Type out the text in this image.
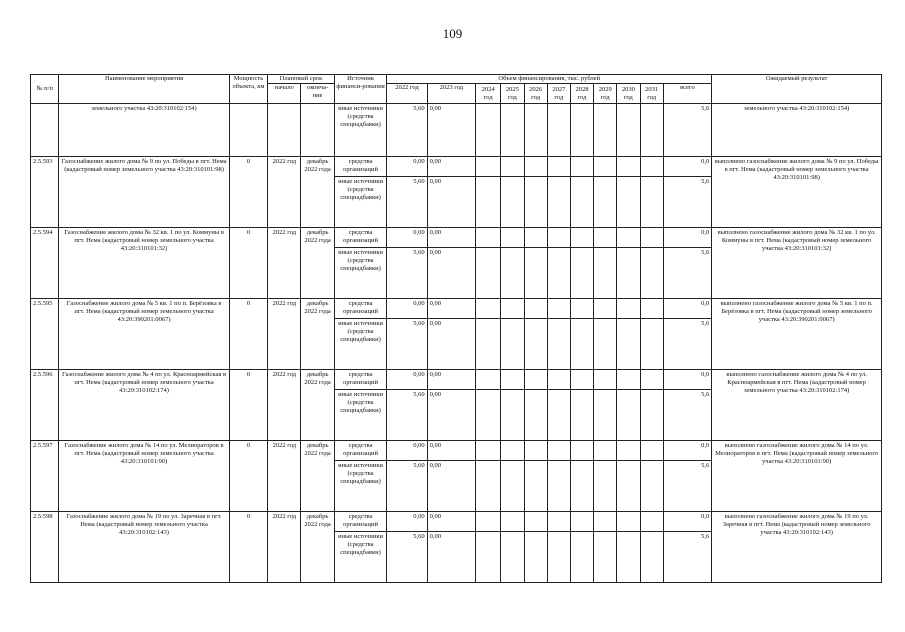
109
№ п/п	Наименование мероприятия	Мощность объекта, км	Плановый срок		Источник финанси-рования	Объем финансирования, тыс. рублей											Ожидаемый результат
			начало	оконча-ние		2022 год	2023 год	2024 год	2025 год	2026 год	2027 год	2028 год	2029 год	2030 год	2031 год	всего	
	земельного участка 43:20:310102:154)				иные источники (средства спецнадбавки)	5,60	0,00									5,6	земельного участка 43:20:310102:154)
2.5.593	Газоснабжение жилого дома № 9 по ул. Победы в пгт. Нема (кадастровый номер земельного участка 43:20:310101:98)	0	2022 год	декабрь 2022 года	средства организаций	0,00	0,00									0,0	выполнено газоснабжение жилого дома № 9 по ул. Победы в пгт. Нема (кадастровый номер земельного участка 43:20:310101:98)
					иные источники (средства спецнадбавки)	5,60	0,00									5,6	
2.5.594	Газоснабжение жилого дома № 32 кв. 1 по ул. Коммуны в пгт. Нема (кадастровый номер земельного участка 43:20:310101:32)	0	2022 год	декабрь 2022 года	средства организаций	0,00	0,00									0,0	выполнено газоснабжение жилого дома № 32 кв. 1 по ул. Коммуны в пгт. Нема (кадастровый номер земельного участка 43:20:310101:32)
					иные источники (средства спецнадбавки)	5,60	0,00									5,6	
2.5.595	Газоснабжение жилого дома № 5 кв. 1 по п. Берёзовка в пгт. Нема (кадастровый номер земельного участка 43:20:390201:0067)	0	2022 год	декабрь 2022 года	средства организаций	0,00	0,00									0,0	выполнено газоснабжение жилого дома № 5 кв. 1 по п. Берёзовка в пгт. Нема (кадастровый номер земельного участка 43:20:390201:0067)
					иные источники (средства спецнадбавки)	5,60	0,00									5,6	
2.5.596	Газоснабжение жилого дома № 4 по ул. Красноармейская в пгт. Нема (кадастровый номер земельного участка 43:20:310102:174)	0	2022 год	декабрь 2022 года	средства организаций	0,00	0,00									0,0	выполнено газоснабжение жилого дома № 4 по ул. Красноармейская в пгт. Нема (кадастровый номер земельного участка 43:20:310102:174)
					иные источники (средства спецнадбавки)	5,60	0,00									5,6	
2.5.597	Газоснабжение жилого дома № 14 по ул. Мелиораторов в пгт. Нема (кадастровый номер земельного участка 43:20:310101:90)	0	2022 год	декабрь 2022 года	средства организаций	0,00	0,00									0,0	выполнено газоснабжение жилого дома № 14 по ул. Мелиораторов в пгт. Нема (кадастровый номер земельного участка 43:20:310101:90)
					иные источники (средства спецнадбавки)	5,60	0,00									5,6	
2.5.598	Газоснабжение жилого дома № 19 по ул. Заречная в пгт. Нема (кадастровый номер земельного участка 43:20:310102:143)	0	2022 год	декабрь 2022 года	средства организаций	0,00	0,00									0,0	выполнено газоснабжение жилого дома № 19 по ул. Заречная в пгт. Нема (кадастровый номер земельного участка 43:20:310102:143)
					иные источники (средства спецнадбавки)	5,60	0,00									5,6	
